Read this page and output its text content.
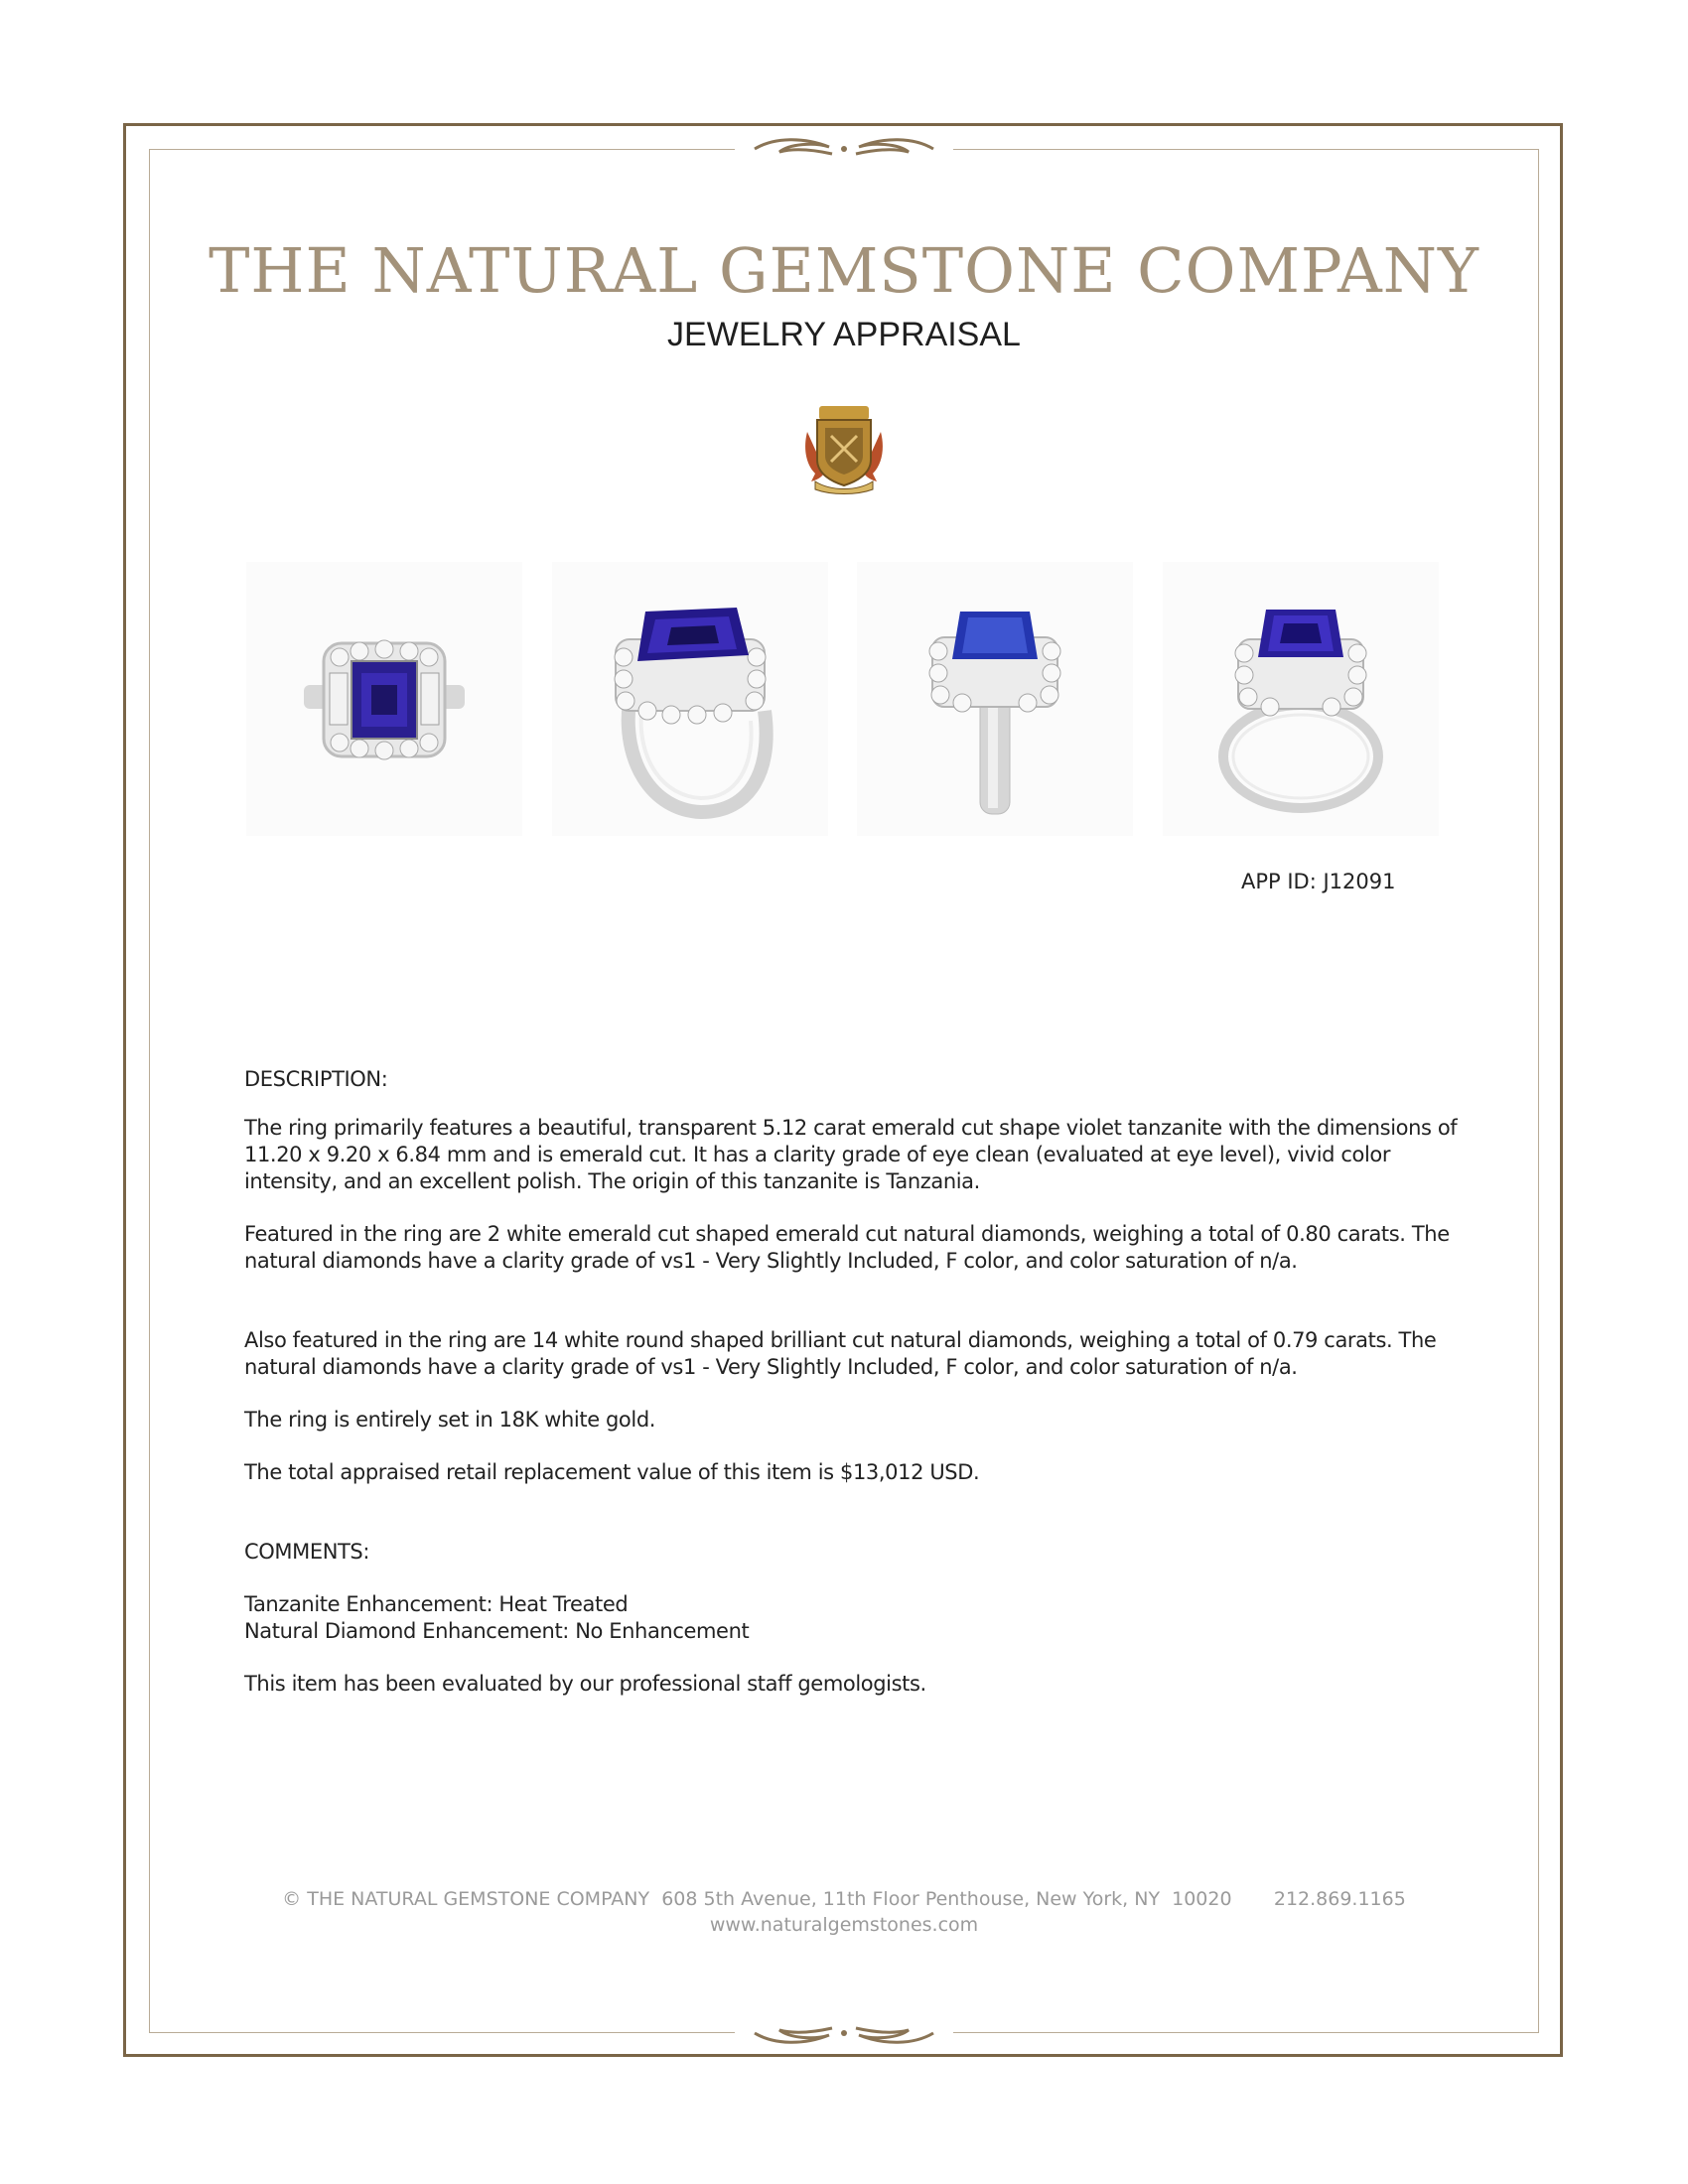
THE NATURAL GEMSTONE COMPANY
JEWELRY APPRAISAL
APP ID: J12091
DESCRIPTION:
The ring primarily features a beautiful, transparent 5.12 carat emerald cut shape violet tanzanite with the dimensions of 11.20 x 9.20 x 6.84 mm and is emerald cut. It has a clarity grade of eye clean (evaluated at eye level), vivid color intensity, and an excellent polish. The origin of this tanzanite is Tanzania.
Featured in the ring are 2 white emerald cut shaped emerald cut natural diamonds, weighing a total of 0.80 carats. The natural diamonds have a clarity grade of vs1 - Very Slightly Included, F color, and color saturation of n/a.
Also featured in the ring are 14 white round shaped brilliant cut natural diamonds, weighing a total of 0.79 carats. The natural diamonds have a clarity grade of vs1 - Very Slightly Included, F color, and color saturation of n/a.
The ring is entirely set in 18K white gold.
The total appraised retail replacement value of this item is $13,012 USD.
COMMENTS:
Tanzanite Enhancement: Heat Treated
Natural Diamond Enhancement: No Enhancement
This item has been evaluated by our professional staff gemologists.
© THE NATURAL GEMSTONE COMPANY  608 5th Avenue, 11th Floor Penthouse, New York, NY  10020       212.869.1165
www.naturalgemstones.com
